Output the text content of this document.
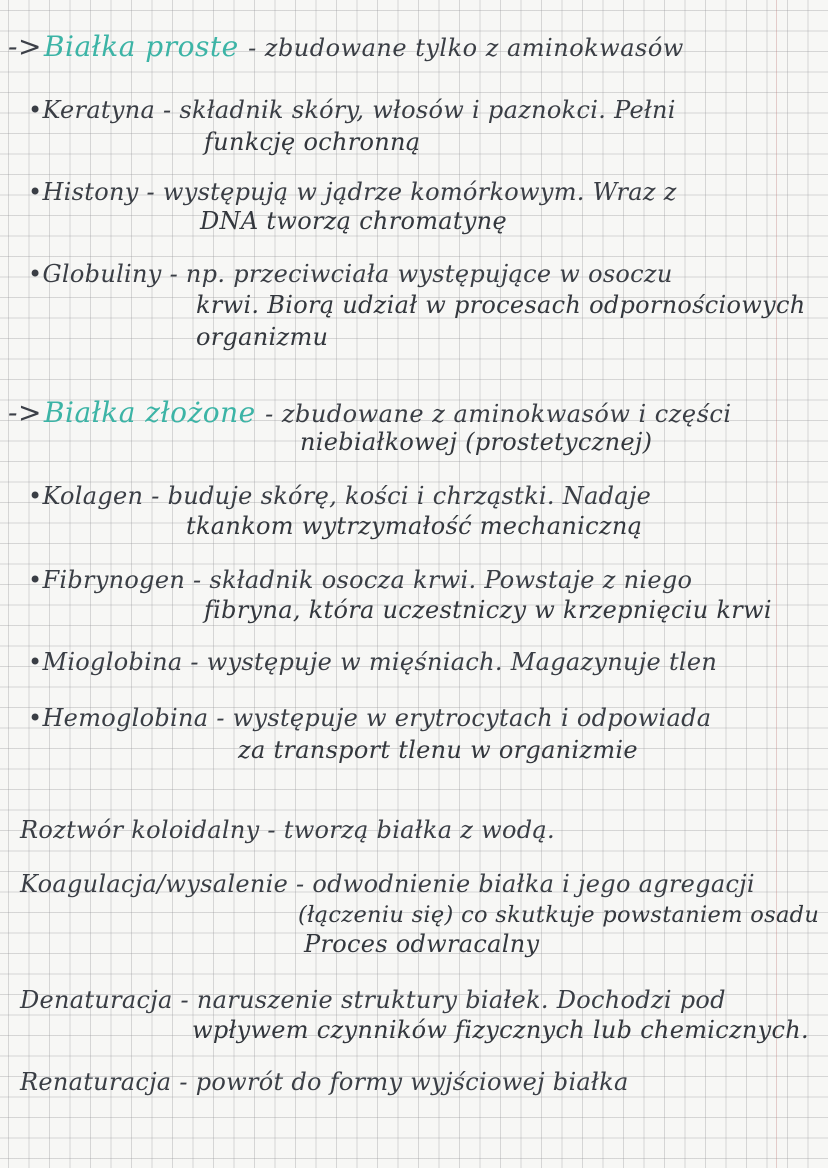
->Białka proste - zbudowane tylko z aminokwasów
•Keratyna - składnik skóry, włosów i paznokci. Pełni
funkcję ochronną
•Histony - występują w jądrze komórkowym. Wraz z
DNA tworzą chromatynę
•Globuliny - np. przeciwciała występujące w osoczu
krwi. Biorą udział w procesach odpornościowych
organizmu
->Białka złożone - zbudowane z aminokwasów i części
niebiałkowej (prostetycznej)
•Kolagen - buduje skórę, kości i chrząstki. Nadaje
tkankom wytrzymałość mechaniczną
•Fibrynogen - składnik osocza krwi. Powstaje z niego
fibryna, która uczestniczy w krzepnięciu krwi
•Mioglobina - występuje w mięśniach. Magazynuje tlen
•Hemoglobina - występuje w erytrocytach i odpowiada
za transport tlenu w organizmie
Roztwór koloidalny - tworzą białka z wodą.
Koagulacja/wysalenie - odwodnienie białka i jego agregacji
(łączeniu się) co skutkuje powstaniem osadu
Proces odwracalny
Denaturacja - naruszenie struktury białek. Dochodzi pod
wpływem czynników fizycznych lub chemicznych.
Renaturacja - powrót do formy wyjściowej białka
